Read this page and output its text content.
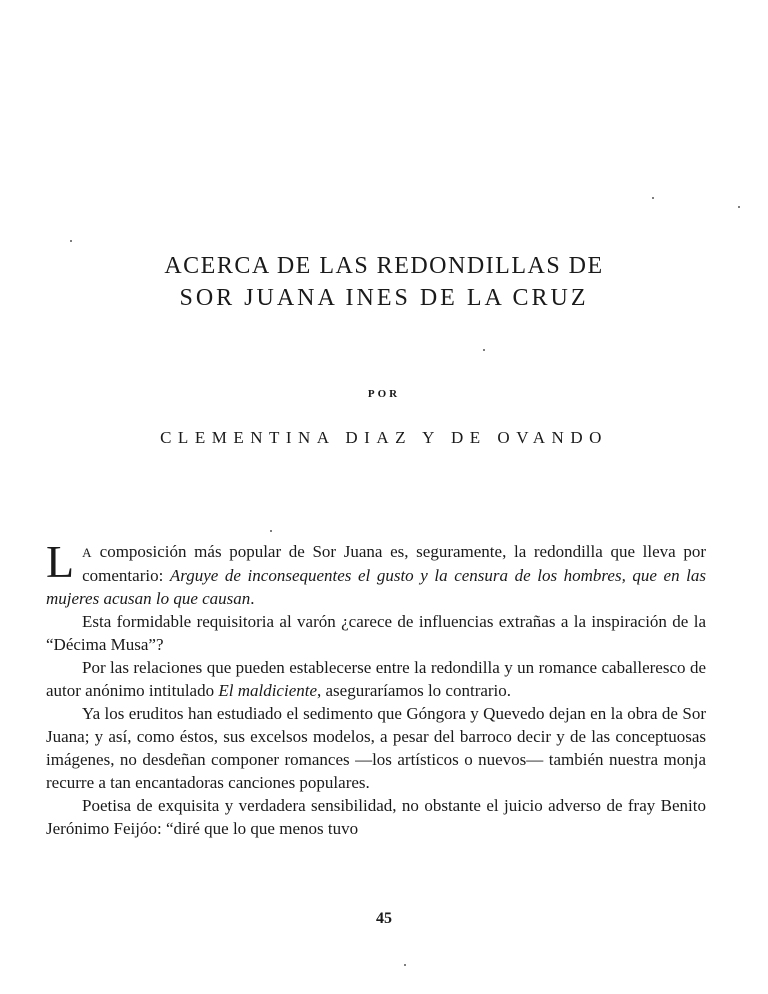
ACERCA DE LAS REDONDILLAS DE
SOR JUANA INES DE LA CRUZ
POR
CLEMENTINA DIAZ Y DE OVANDO

L A composición más popular de Sor Juana es, seguramente, la redondilla que lleva por comentario: Arguye de inconsequentes el gusto y la censura de los hombres, que en las mujeres acusan lo que causan.

Esta formidable requisitoria al varón ¿carece de influencias extrañas a la inspiración de la “Décima Musa”?

Por las relaciones que pueden establecerse entre la redondilla y un romance caballeresco de autor anónimo intitulado El maldiciente, aseguraríamos lo contrario.

Ya los eruditos han estudiado el sedimento que Góngora y Quevedo dejan en la obra de Sor Juana; y así, como éstos, sus excelsos modelos, a pesar del barroco decir y de las conceptuosas imágenes, no desdeñan componer romances —los artísticos o nuevos— también nuestra monja recurre a tan encantadoras canciones populares.

Poetisa de exquisita y verdadera sensibilidad, no obstante el juicio adverso de fray Benito Jerónimo Feijóo: “diré que lo que menos tuvo

45
